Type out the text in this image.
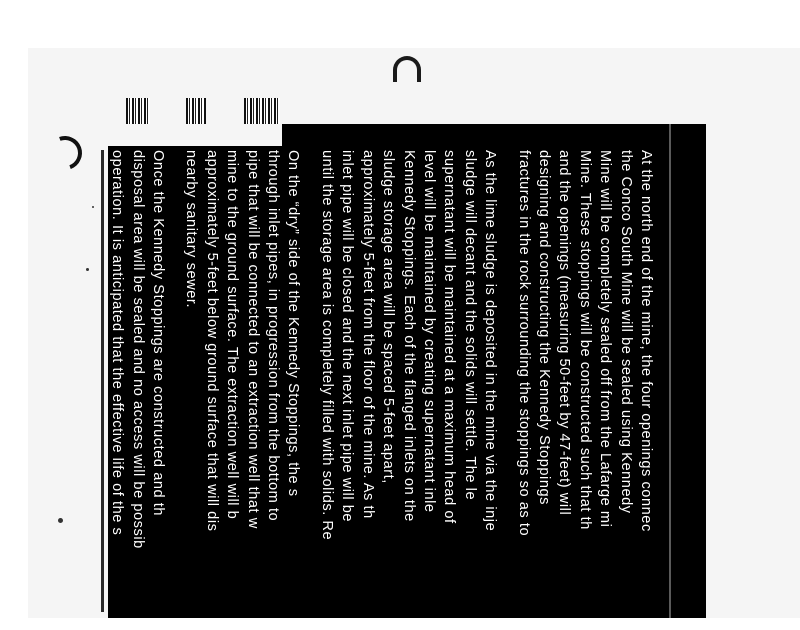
At the north end of the mine, the four openings connec
the Conco South Mine will be sealed using Kennedy
Mine will be completely sealed off from the Lafarge mi
Mine. These stoppings will be constructed such that th
and the openings (measuring 50-feet by 47-feet) will
designing and constructing the Kennedy Stoppings
fractures in the rock surrounding the stoppings so as to

As the lime sludge is deposited in the mine via the inje
sludge will decant and the solids will settle. The le
supernatant will be maintained at a maximum head of
level will be maintained by creating supernatant inle
Kennedy Stoppings. Each of the flanged inlets on the
sludge storage area will be spaced 5-feet apart,
approximately 5-feet from the floor of the mine. As th
inlet pipe will be closed and the next inlet pipe will be
until the storage area is completely filled with solids. Re

On the “dry” side of the Kennedy Stoppings, the s
through inlet pipes, in progression from the bottom to
pipe that will be connected to an extraction well that w
mine to the ground surface. The extraction well will b
approximately 5-feet below ground surface that will dis
nearby sanitary sewer.

Once the Kennedy Stoppings are constructed and th
disposal area will be sealed and no access will be possib
operation. It is anticipated that the effective life of the s
